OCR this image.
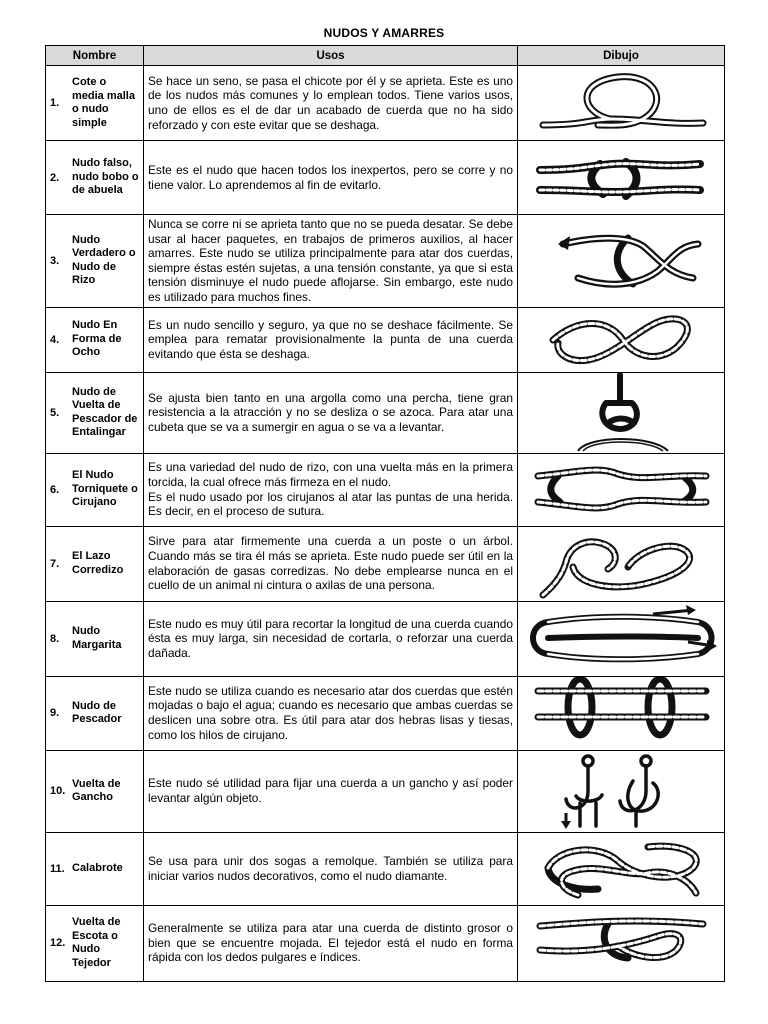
NUDOS Y AMARRES
Nombre	Usos	Dibujo

1.
Cote o media malla o nudo simple	Se hace un seno, se pasa el chicote por él y se aprieta. Este es uno de los nudos más comunes y lo emplean todos. Tiene varios usos, uno de ellos es el de dar un acabado de cuerda que no ha sido reforzado y con este evitar que se deshaga.	

2.
Nudo falso, nudo bobo o de abuela	Este es el nudo que hacen todos los inexpertos, pero se corre y no tiene valor. Lo aprendemos al fin de evitarlo.	

3.
Nudo Verdadero o Nudo de Rizo	Nunca se corre ni se aprieta tanto que no se pueda desatar. Se debe usar al hacer paquetes, en trabajos de primeros auxilios, al hacer amarres. Este nudo se utiliza principalmente para atar dos cuerdas, siempre éstas estén sujetas, a una tensión constante, ya que si esta tensión disminuye el nudo puede aflojarse. Sin embargo, este nudo es utilizado para muchos fines.	

4.
Nudo En Forma de Ocho	Es un nudo sencillo y seguro, ya que no se deshace fácilmente. Se emplea para rematar provisionalmente la punta de una cuerda evitando que ésta se deshaga.	

5.
Nudo de Vuelta de Pescador de Entalingar	Se ajusta bien tanto en una argolla como una percha, tiene gran resistencia a la atracción y no se desliza o se azoca. Para atar una cubeta que se va a sumergir en agua o se va a levantar.	

6.
El Nudo Torniquete o Cirujano	Es una variedad del nudo de rizo, con una vuelta más en la primera torcida, la cual ofrece más firmeza en el nudo.
Es el nudo usado por los cirujanos al atar las puntas de una herida. Es decir, en el proceso de sutura.	

7.
El Lazo Corredizo	Sirve para atar firmemente una cuerda a un poste o un árbol. Cuando más se tira él más se aprieta. Este nudo puede ser útil en la elaboración de gasas corredizas. No debe emplearse nunca en el cuello de un animal ni cintura o axilas de una persona.	

8.
Nudo Margarita	Este nudo es muy útil para recortar la longitud de una cuerda cuando ésta es muy larga, sin necesidad de cortarla, o reforzar una cuerda dañada.	

9.
Nudo de Pescador	Este nudo se utiliza cuando es necesario atar dos cuerdas que estén mojadas o bajo el agua; cuando es necesario que ambas cuerdas se deslicen una sobre otra. Es útil para atar dos hebras lisas y tiesas, como los hilos de cirujano.	

10.
Vuelta de Gancho	Este nudo sé utilidad para fijar una cuerda a un gancho y así poder levantar algún objeto.	

11. Calabrote	Se usa para unir dos sogas a remolque. También se utiliza para iniciar varios nudos decorativos, como el nudo diamante.	

12.
Vuelta de Escota o Nudo Tejedor	Generalmente se utiliza para atar una cuerda de distinto grosor o bien que se encuentre mojada. El tejedor está el nudo en forma rápida con los dedos pulgares e índices.	
